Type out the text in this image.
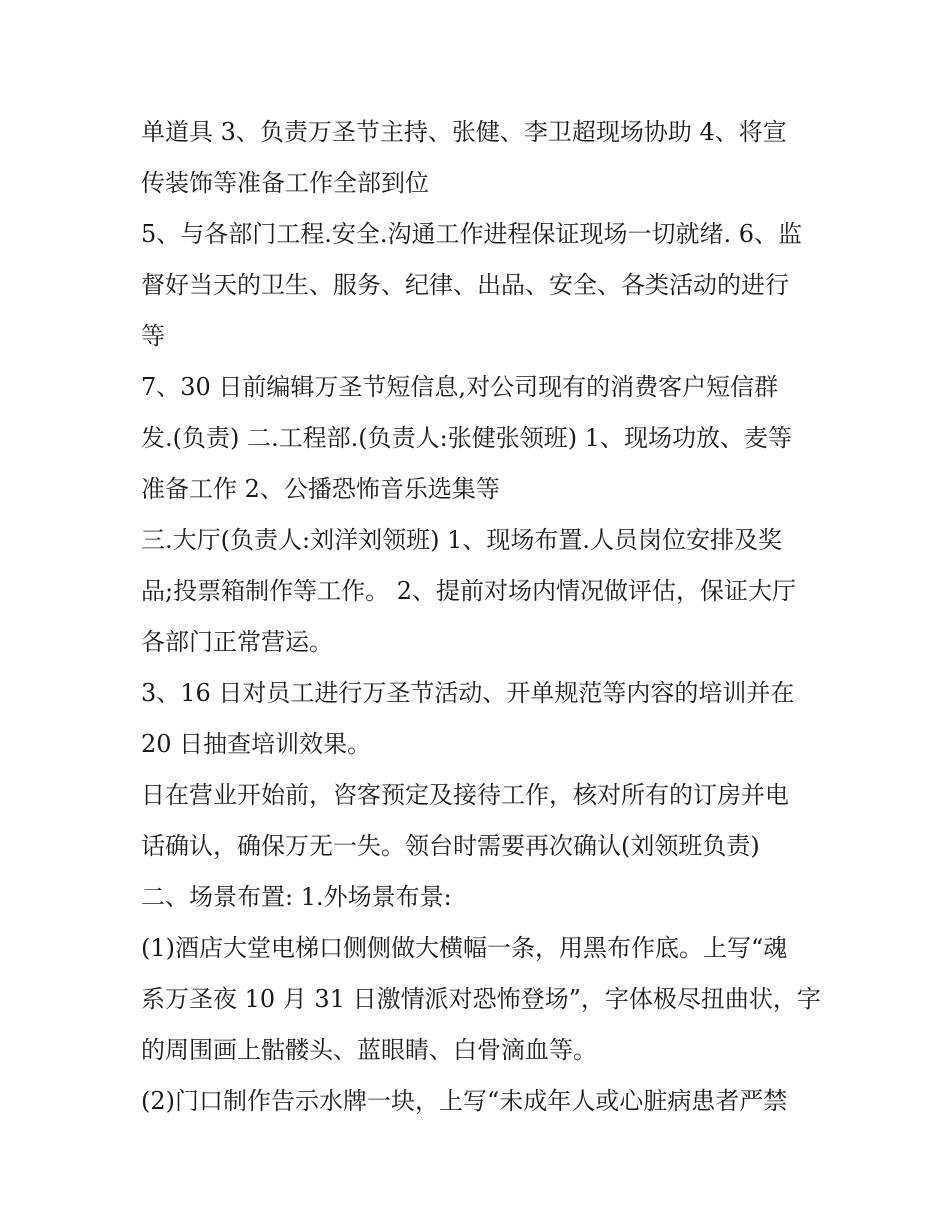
单道具 3、负责万圣节主持、张健、李卫超现场协助 4、将宣
传装饰等准备工作全部到位
5、与各部门工程.安全.沟通工作进程保证现场一切就绪. 6、监
督好当天的卫生、服务、纪律、出品、安全、各类活动的进行
等
7、30 日前编辑万圣节短信息,对公司现有的消费客户短信群
发.(负责) 二.工程部.(负责人:张健张领班) 1、现场功放、麦等
准备工作 2、公播恐怖音乐选集等
三.大厅(负责人:刘洋刘领班) 1、现场布置.人员岗位安排及奖
品;投票箱制作等工作。 2、提前对场内情况做评估，保证大厅
各部门正常营运。
3、16 日对员工进行万圣节活动、开单规范等内容的培训并在
20 日抽查培训效果。
日在营业开始前，咨客预定及接待工作，核对所有的订房并电
话确认，确保万无一失。领台时需要再次确认(刘领班负责)
二、场景布置: 1.外场景布景:
(1)酒店大堂电梯口侧侧做大横幅一条，用黑布作底。上写“魂
系万圣夜 10 月 31 日激情派对恐怖登场”，字体极尽扭曲状，字
的周围画上骷髅头、蓝眼睛、白骨滴血等。
(2)门口制作告示水牌一块，上写“未成年人或心脏病患者严禁
